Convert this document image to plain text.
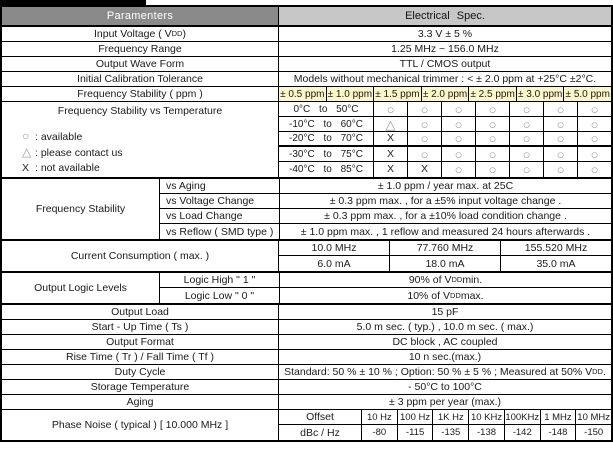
Paramenters	Electrical Spec.
Input Voltage ( V DD )	3.3 V ± 5 %
Frequency Range	1.25 MHz ~ 156.0 MHz
Output Wave Form	TTL / CMOS output
Initial Calibration Tolerance	Models without mechanical trimmer : < ± 2.0 ppm at +25°C ±2°C.
Frequency Stability ( ppm )	± 0.5 ppm ± 1.0 ppm ± 1.5 ppm ± 2.0 ppm ± 2.5 ppm ± 3.0 ppm ± 5.0 ppm
Frequency Stability vs Temperature
○ : available
△ : please contact us
X : not available
0°C to 50°C	○	○	○	○	○	○	○
-10°C to 60°C	△	○	○	○	○	○	○
-20°C to 70°C	X	○	○	○	○	○	○
-30°C to 75°C	X	○	○	○	○	○	○
-40°C to 85°C	X	X	○	○	○	○	○
Frequency Stability
vs Aging	± 1.0 ppm / year max. at 25C
vs Voltage Change	± 0.3 ppm max. , for a ±5% input voltage change .
vs Load Change	± 0.3 ppm max. , for a ±10% load condition change .
vs Reflow ( SMD type )	± 1.0 ppm max. , 1 reflow and measured 24 hours afterwards .
Current Consumption ( max. )
10.0 MHz	77.760 MHz	155.520 MHz
6.0 mA	18.0 mA	35.0 mA
Output Logic Levels
Logic High " 1 "	90% of V DD min.
Logic Low " 0 "	10% of V DD max.
Output Load	15 pF
Start - Up Time ( Ts )	5.0 m sec. ( typ.) , 10.0 m sec. ( max.)
Output Format	DC block , AC coupled
Rise Time ( Tr ) / Fall Time ( Tf )	10 n sec.(max.)
Duty Cycle	Standard: 50 % ± 10 % ; Option: 50 % ± 5 % ; Measured at 50% V DD .
Storage Temperature	- 50°C to 100°C
Aging	± 3 ppm per year (max.)
Phase Noise ( typical ) [ 10.000 MHz ]
Offset	10 Hz 100 Hz 1K Hz 10 KHz 100KHz 1 MHz 10 MHz
dBc / Hz	-80	-115	-135	-138	-142	-148	-150
